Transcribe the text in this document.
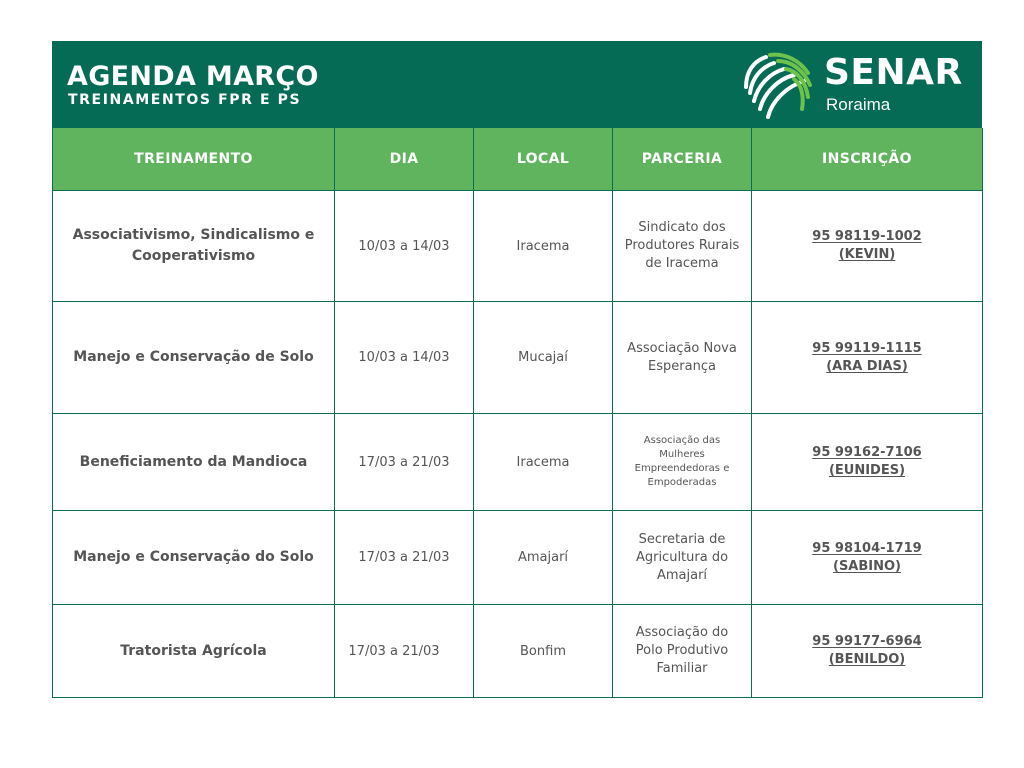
AGENDA MARÇO
TREINAMENTOS FPR E PS
SENAR
Roraima
TREINAMENTO	DIA	LOCAL	PARCERIA	INSCRIÇÃO
Associativismo, Sindicalismo e Cooperativismo	10/03 a 14/03	Iracema	Sindicato dos Produtores Rurais de Iracema	95 98119-1002
(KEVIN)

Manejo e Conservação de Solo	10/03 a 14/03	Mucajaí	Associação Nova Esperança	95 99119-1115
(ARA DIAS)

Beneficiamento da Mandioca	17/03 a 21/03	Iracema	Associação das Mulheres Empreendedoras e Empoderadas	95 99162-7106
(EUNIDES)

Manejo e Conservação do Solo	17/03 a 21/03	Amajarí	Secretaria de Agricultura do Amajarí	95 98104-1719
(SABINO)

Tratorista Agrícola	17/03 a 21/03	Bonfim	Associação do Polo Produtivo Familiar	95 99177-6964
(BENILDO)
